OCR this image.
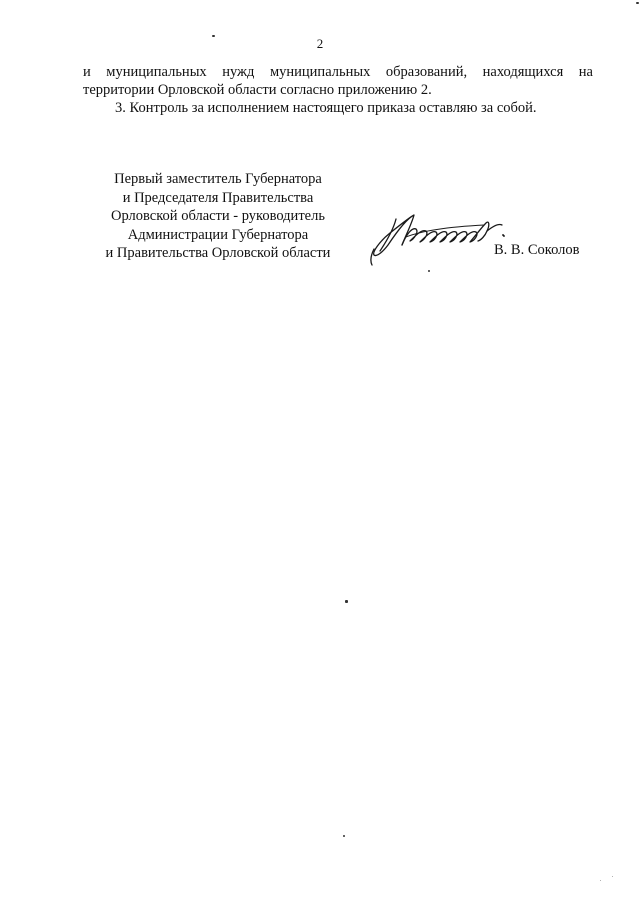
2
и муниципальных нужд муниципальных образований, находящихся на
территории Орловской области согласно приложению 2.
3. Контроль за исполнением настоящего приказа оставляю за собой.
Первый заместитель Губернатора
и Председателя Правительства
Орловской области - руководитель
Администрации Губернатора
и Правительства Орловской области	В. В. Соколов
